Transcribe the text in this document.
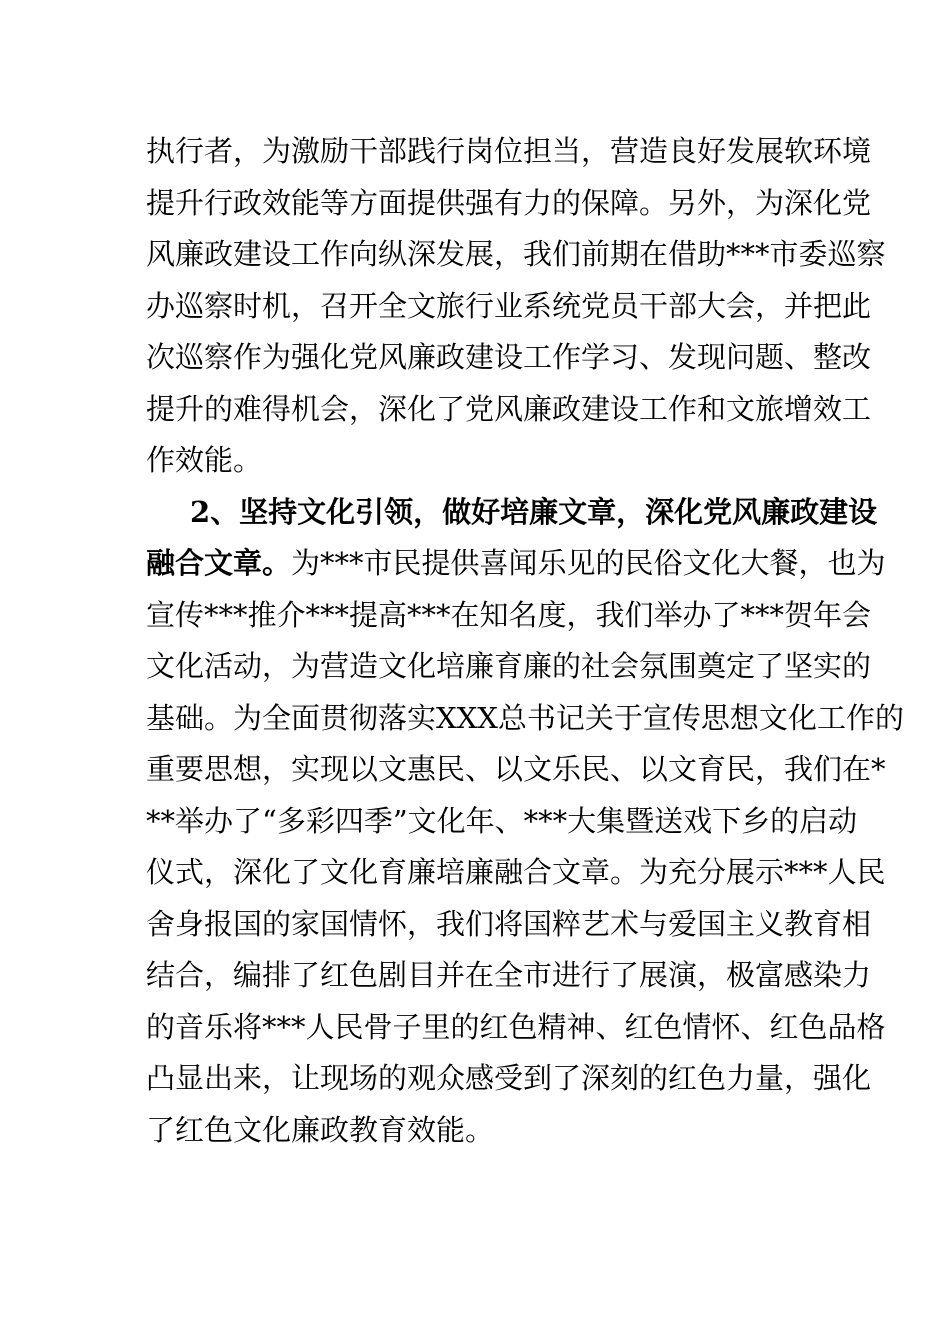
执行者，为激励干部践行岗位担当，营造良好发展软环境
提升行政效能等方面提供强有力的保障。另外，为深化党
风廉政建设工作向纵深发展，我们前期在借助***市委巡察
办巡察时机，召开全文旅行业系统党员干部大会，并把此
次巡察作为强化党风廉政建设工作学习、发现问题、整改
提升的难得机会，深化了党风廉政建设工作和文旅增效工
作效能。
2、坚持文化引领，做好培廉文章，深化党风廉政建设
融合文章。为***市民提供喜闻乐见的民俗文化大餐，也为
宣传***推介***提高***在知名度，我们举办了***贺年会
文化活动，为营造文化培廉育廉的社会氛围奠定了坚实的
基础。为全面贯彻落实XXX总书记关于宣传思想文化工作的
重要思想，实现以文惠民、以文乐民、以文育民，我们在*
**举办了“多彩四季”文化年、***大集暨送戏下乡的启动
仪式，深化了文化育廉培廉融合文章。为充分展示***人民
舍身报国的家国情怀，我们将国粹艺术与爱国主义教育相
结合，编排了红色剧目并在全市进行了展演，极富感染力
的音乐将***人民骨子里的红色精神、红色情怀、红色品格
凸显出来，让现场的观众感受到了深刻的红色力量，强化
了红色文化廉政教育效能。
